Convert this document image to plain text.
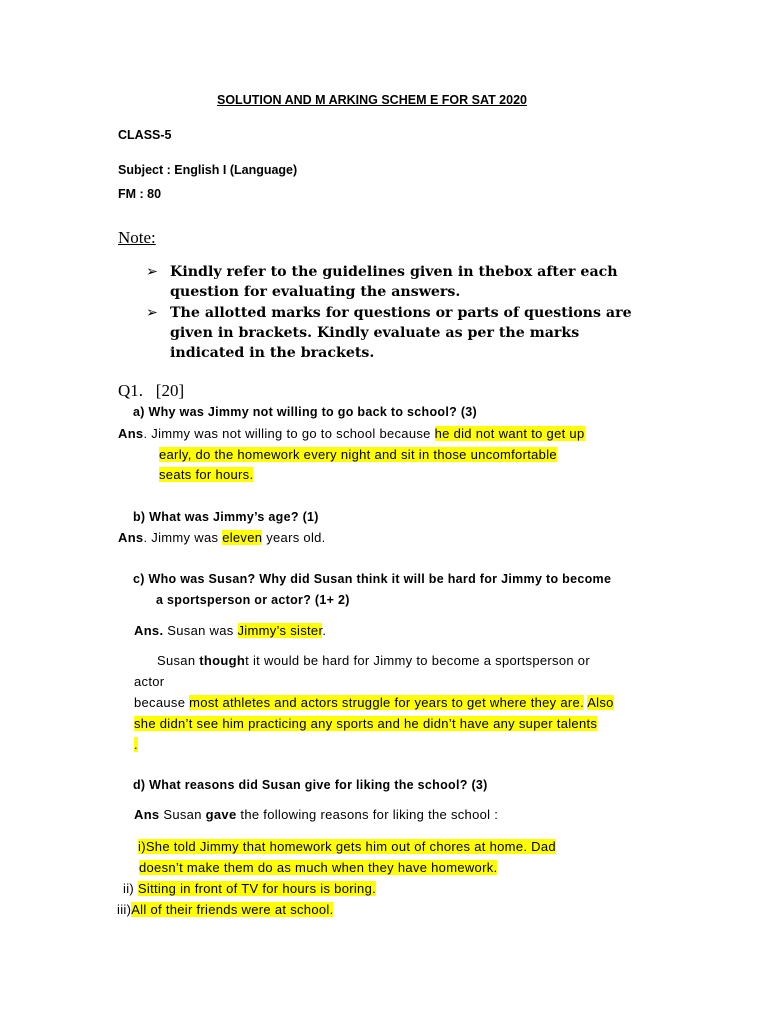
SOLUTION AND M ARKING SCHEM E FOR SAT 2020
CLASS-5
Subject : English I (Language)
FM : 80
Note:
➢ Kindly refer to the guidelines given in thebox after each
question for evaluating the answers.
➢ The allotted marks for questions or parts of questions are
given in brackets. Kindly evaluate as per the marks
indicated in the brackets.
Q1. [20]
a) Why was Jimmy not willing to go back to school? (3)
Ans. Jimmy was not willing to go to school because he did not want to get up
early, do the homework every night and sit in those uncomfortable
seats for hours.
b) What was Jimmy’s age? (1)
Ans. Jimmy was eleven years old.
c) Who was Susan? Why did Susan think it will be hard for Jimmy to become
a sportsperson or actor? (1+ 2)
Ans. Susan was Jimmy’s sister.
Susan thought it would be hard for Jimmy to become a sportsperson or
actor
because most athletes and actors struggle for years to get where they are. Also
she didn’t see him practicing any sports and he didn’t have any super talents
.
d) What reasons did Susan give for liking the school? (3)
Ans Susan gave the following reasons for liking the school :
i)She told Jimmy that homework gets him out of chores at home. Dad
doesn’t make them do as much when they have homework.
ii) Sitting in front of TV for hours is boring.
iii)All of their friends were at school.
